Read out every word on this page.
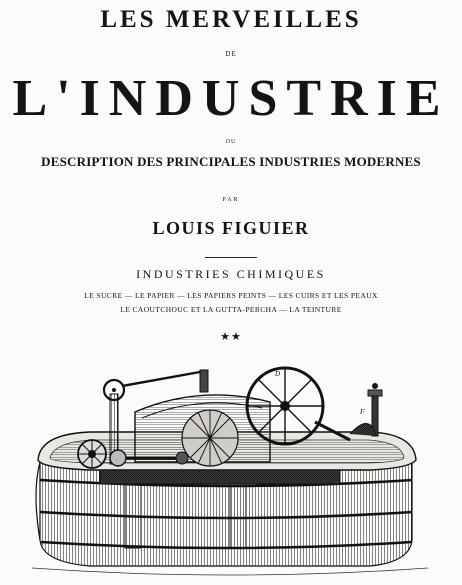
LES MERVEILLES
DE
L'INDUSTRIE
OU
DESCRIPTION DES PRINCIPALES INDUSTRIES MODERNES
PAR
LOUIS FIGUIER
INDUSTRIES CHIMIQUES
LE SUCRE — LE PAPIER — LES PAPIERS PEINTS — LES CUIRS ET LES PEAUX
LE CAOUTCHOUC ET LA GUTTA-PERCHA — LA TEINTURE
★★
D
F
